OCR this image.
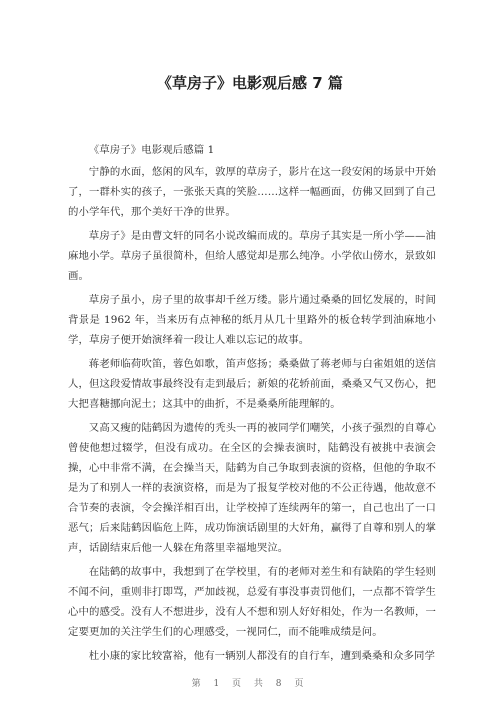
《草房子》电影观后感 7 篇

《草房子》电影观后感篇 1

宁静的水面，悠闲的风车，敦厚的草房子，影片在这一段安闲的场景中开始了，一群朴实的孩子，一张张天真的笑脸……这样一幅画面，仿佛又回到了自己的小学年代，那个美好干净的世界。

草房子》是由曹文轩的同名小说改编而成的。草房子其实是一所小学——油麻地小学。草房子虽很简朴，但给人感觉却是那么纯净。小学依山傍水，景致如画。

草房子虽小，房子里的故事却千丝万缕。影片通过桑桑的回忆发展的，时间背景是 1962 年，当来历有点神秘的纸月从几十里路外的板仓转学到油麻地小学，草房子便开始演绎着一段让人难以忘记的故事。

蒋老师临荷吹笛，蓉色如歌，笛声悠扬；桑桑做了蒋老师与白雀姐姐的送信人，但这段爱情故事最终没有走到最后；新娘的花轿前面，桑桑又气又伤心，把大把喜糖挪向泥土；这其中的曲折，不是桑桑所能理解的。

又高又瘦的陆鹤因为遗传的秃头一再的被同学们嘲笑，小孩子强烈的自尊心曾使他想过辍学，但没有成功。在全区的会操表演时，陆鹤没有被挑中表演会操，心中非常不满，在会操当天，陆鹤为自己争取到表演的资格，但他的争取不是为了和别人一样的表演资格，而是为了报复学校对他的不公正待遇，他故意不合节奏的表演，令会操洋相百出，让学校掉了连续两年的第一，自己也出了一口恶气；后来陆鹤因临危上阵，成功饰演话剧里的大奸角，赢得了自尊和别人的掌声，话剧结束后他一人躲在角落里幸福地哭泣。

在陆鹤的故事中，我想到了在学校里，有的老师对差生和有缺陷的学生轻则不闻不问，重则非打即骂，严加歧视，总爱有事没事责罚他们，一点都不管学生心中的感受。没有人不想进步，没有人不想和别人好好相处，作为一名教师，一定要更加的关注学生们的心理感受，一视同仁，而不能唯成绩是问。

杜小康的家比较富裕，他有一辆别人都没有的自行车，遭到桑桑和众多同学

第 1 页 共 8 页
